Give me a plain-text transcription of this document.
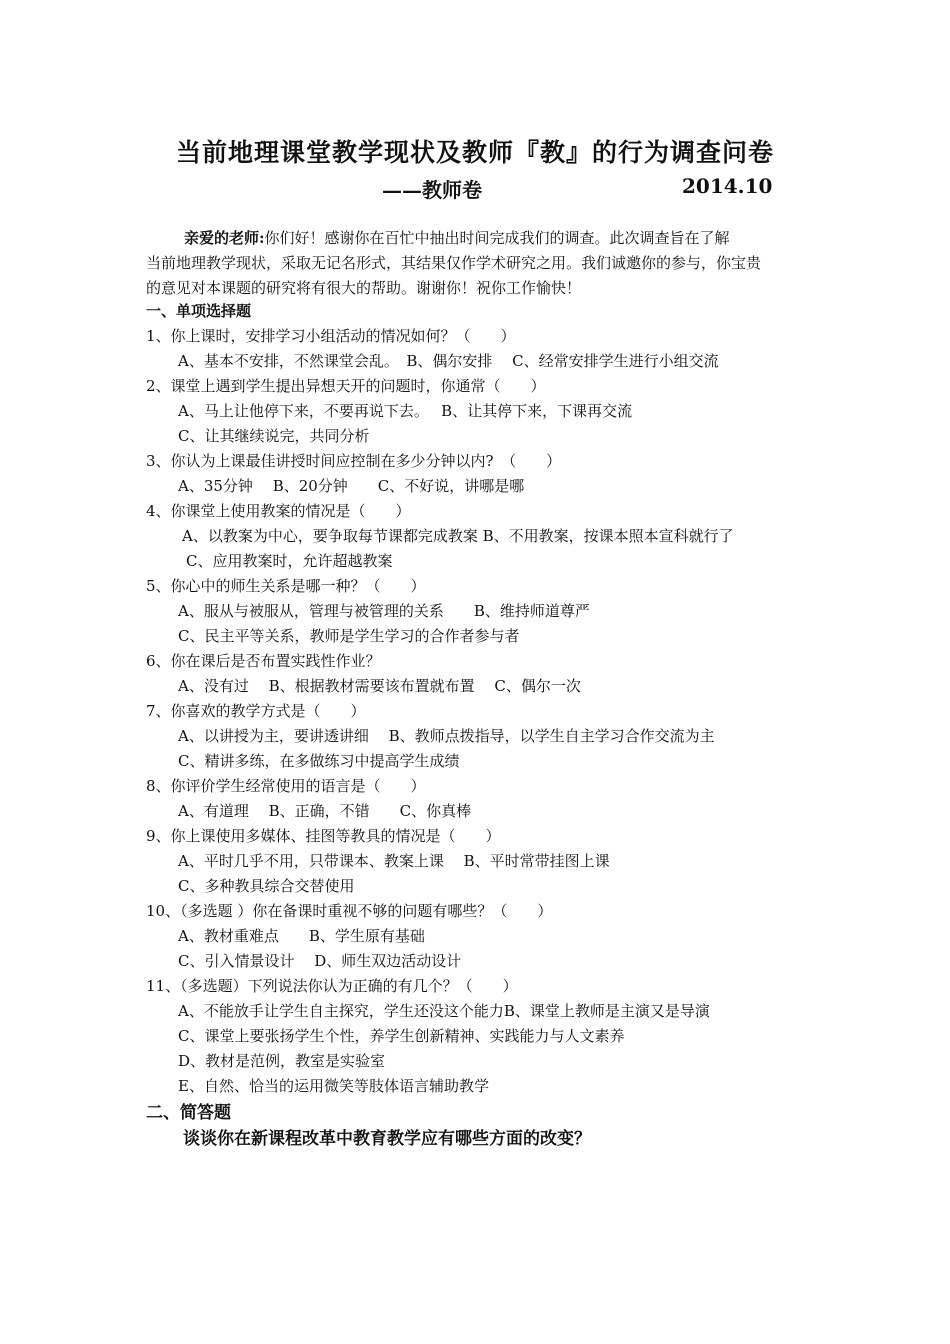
当前地理课堂教学现状及教师『教』的行为调查问卷
——教师卷	2014.10

亲爱的老师:你们好！感谢你在百忙中抽出时间完成我们的调查。此次调查旨在了解

当前地理教学现状，采取无记名形式，其结果仅作学术研究之用。我们诚邀你的参与，你宝贵

的意见对本课题的研究将有很大的帮助。谢谢你！祝你工作愉快！

一、单项选择题
1、你上课时，安排学习小组活动的情况如何？（　　）
A、基本不安排，不然课堂会乱。　B、偶尔安排　 C、经常安排学生进行小组交流
2、课堂上遇到学生提出异想天开的问题时，你通常（　　）
A、马上让他停下来，不要再说下去。　 B、让其停下来，下课再交流
C、让其继续说完，共同分析
3、你认为上课最佳讲授时间应控制在多少分钟以内?　（　　）
A、35分钟　 B、20分钟　　C、不好说，讲哪是哪
4、你课堂上使用教案的情况是（　　）
A、以教案为中心，要争取每节课都完成教案 B、不用教案，按课本照本宣科就行了
C、应用教案时，允许超越教案
5、你心中的师生关系是哪一种？（　　）
A、服从与被服从，管理与被管理的关系　　B、维持师道尊严
C、民主平等关系，教师是学生学习的合作者参与者
6、你在课后是否布置实践性作业？
A、没有过　 B、根据教材需要该布置就布置　 C、偶尔一次
7、你喜欢的教学方式是（　　）
A、以讲授为主，要讲透讲细　 B、教师点拨指导，以学生自主学习合作交流为主
C、精讲多练，在多做练习中提高学生成绩
8、你评价学生经常使用的语言是（　　）
A、有道理　 B、正确，不错　　C、你真棒
9、你上课使用多媒体、挂图等教具的情况是（　　）
A、平时几乎不用，只带课本、教案上课　 B、平时常带挂图上课
C、多种教具综合交替使用
10、（多选题 ）你在备课时重视不够的问题有哪些？（　　）
A、教材重难点　　B、学生原有基础
C、引入情景设计　 D、师生双边活动设计
11、（多选题）下列说法你认为正确的有几个？（　　）
A、不能放手让学生自主探究，学生还没这个能力B、课堂上教师是主演又是导演
C、课堂上要张扬学生个性，养学生创新精神、实践能力与人文素养
D、教材是范例，教室是实验室
E、自然、恰当的运用微笑等肢体语言辅助教学
二、简答题
谈谈你在新课程改革中教育教学应有哪些方面的改变？
